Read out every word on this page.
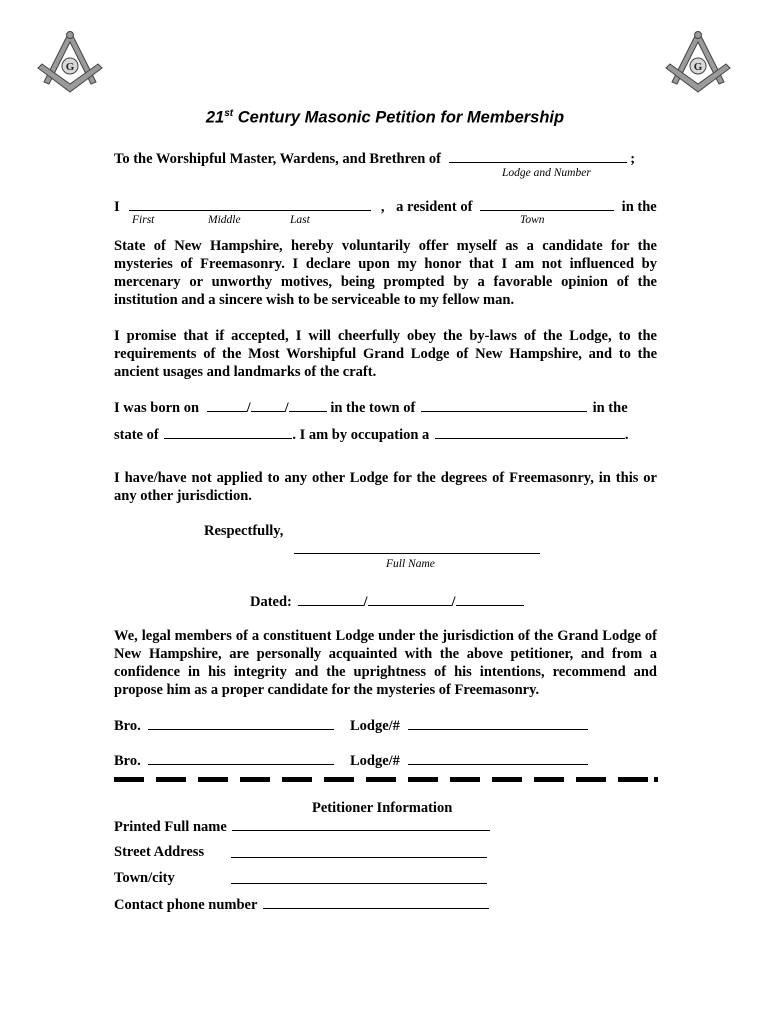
G	G
21st Century Masonic Petition for Membership
To the Worshipful Master, Wardens, and Brethren of	;
Lodge and Number
I	, a resident of	in the
First	Middle	Last	Town
State of New Hampshire, hereby voluntarily offer myself as a candidate for the mysteries of Freemasonry. I declare upon my honor that I am not influenced by mercenary or unworthy motives, being prompted by a favorable opinion of the institution and a sincere wish to be serviceable to my fellow man.
I promise that if accepted, I will cheerfully obey the by-laws of the Lodge, to the requirements of the Most Worshipful Grand Lodge of New Hampshire, and to the ancient usages and landmarks of the craft.
I was born on	/ /	in the town of	in the
state of	. I am by occupation a	.
I have/have not applied to any other Lodge for the degrees of Freemasonry, in this or any other jurisdiction.
Respectfully,
Full Name
Dated:	/	/
We, legal members of a constituent Lodge under the jurisdiction of the Grand Lodge of New Hampshire, are personally acquainted with the above petitioner, and from a confidence in his integrity and the uprightness of his intentions, recommend and propose him as a proper candidate for the mysteries of Freemasonry.
Bro.	Lodge/#
Bro.	Lodge/#
Petitioner Information
Printed Full name
Street Address
Town/city
Contact phone number
